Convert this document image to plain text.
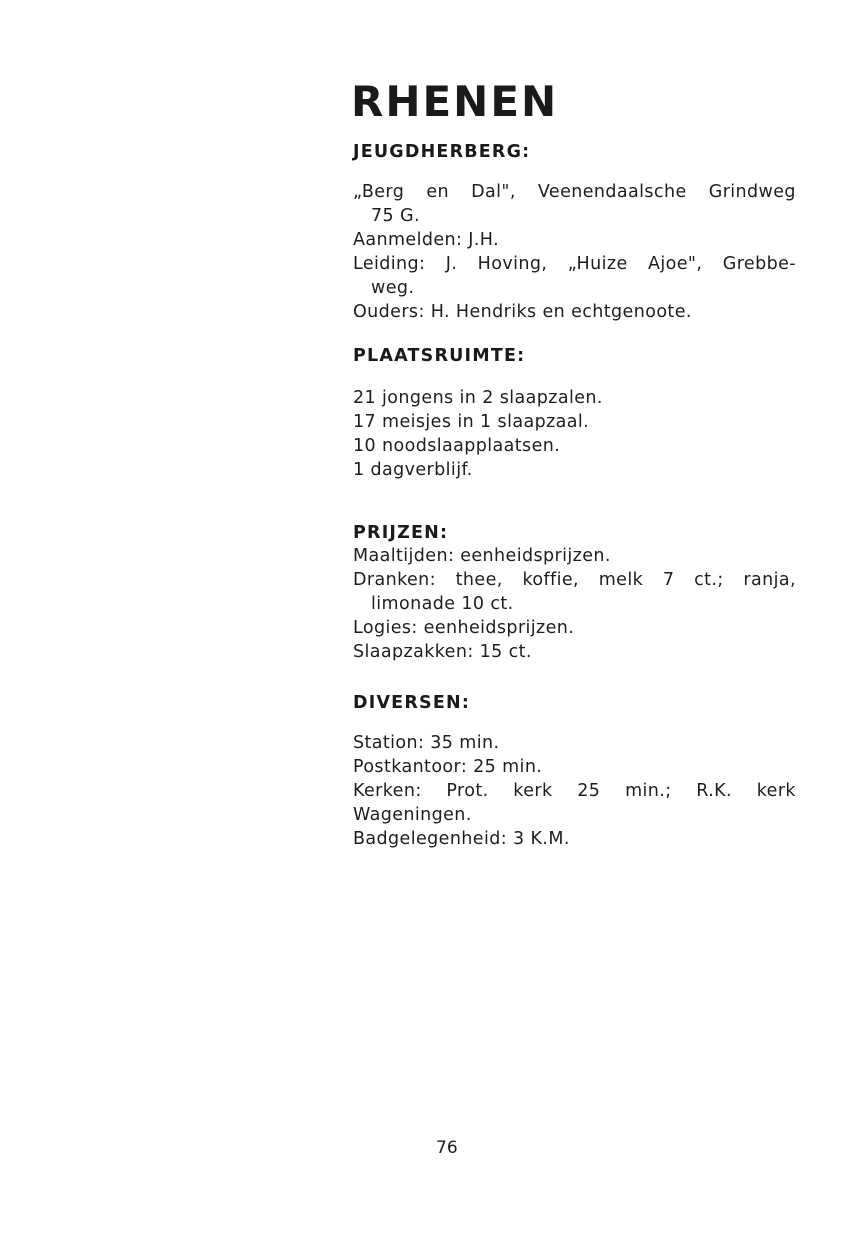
RHENEN
JEUGDHERBERG:
„Berg en Dal", Veenendaalsche Grindweg
75 G.
Aanmelden: J.H.
Leiding: J. Hoving, „Huize Ajoe", Grebbe-
weg.
Ouders: H. Hendriks en echtgenoote.
PLAATSRUIMTE:
21 jongens in 2 slaapzalen.
17 meisjes in 1 slaapzaal.
10 noodslaapplaatsen.
1 dagverblijf.
PRIJZEN:
Maaltijden: eenheidsprijzen.
Dranken: thee, koffie, melk 7 ct.; ranja,
limonade 10 ct.
Logies: eenheidsprijzen.
Slaapzakken: 15 ct.
DIVERSEN:
Station: 35 min.
Postkantoor: 25 min.
Kerken: Prot. kerk 25 min.; R.K. kerk
Wageningen.
Badgelegenheid: 3 K.M.
76
